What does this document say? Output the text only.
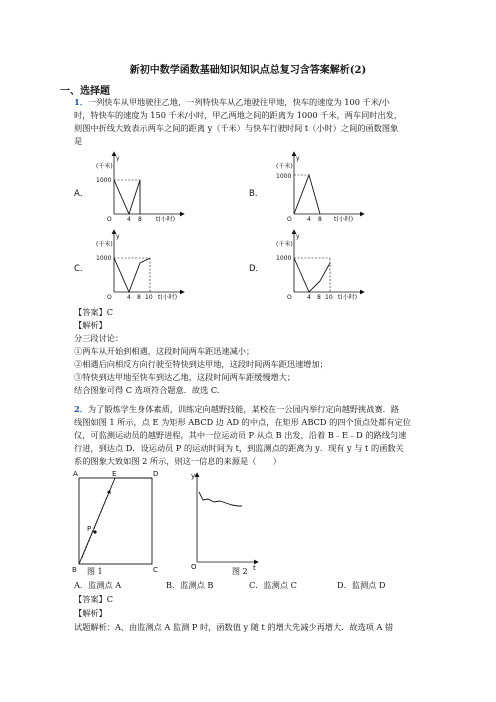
新初中数学函数基础知识知识点总复习含答案解析(2)
一、选择题
1．一列快车从甲地驶往乙地，一列特快车从乙地驶往甲地，快车的速度为 100 千米/小
时，特快车的速度为 150 千米/小时，甲乙两地之间的距离为 1000 千米，两车同时出发，
则图中折线大致表示两车之间的距离 y（千米）与快车行驶时间 t（小时）之间的函数图象
是
A．	B．
C．	D．
y
(千米)
1000
O	4 8 t(小时)
y
(千米)
1000
O	4 8 t(小时)
y
(千米)
1000
O	4 8 10 t(小时)
y
(千米)
1000
O	4 8 10 t(小时)
【答案】C
【解析】
分三段讨论：
①两车从开始到相遇，这段时间两车距迅速减小；
②相遇后向相反方向行驶至特快到达甲地，这段时间两车距迅速增加；
③特快到达甲地至快车到达乙地，这段时间两车距缓慢增大；
结合图象可得 C 选项符合题意．故选 C.
2．为了锻炼学生身体素质，训练定向越野技能，某校在一公园内举行定向越野挑战赛．路
线图如图 1 所示，点 E 为矩形 ABCD 边 AD 的中点，在矩形 ABCD 的四个顶点处都有定位
仪，可监测运动员的越野进程，其中一位运动员 P 从点 B 出发，沿着 B﹣E﹣D 的路线匀速
行进，到达点 D．设运动员 P 的运动时间为 t，到监测点的距离为 y．现有 y 与 t 的函数关
系的图象大致如图 2 所示，则这一信息的来源是（　　）
A	E	D
B	C
P
y
O	t
图 1	图 2
A．监测点 A	B．监测点 B	C．监测点 C	D．监测点 D
【答案】C
【解析】
试题解析：A、由监测点 A 监测 P 时，函数值 y 随 t 的增大先减少再增大．故选项 A 错
